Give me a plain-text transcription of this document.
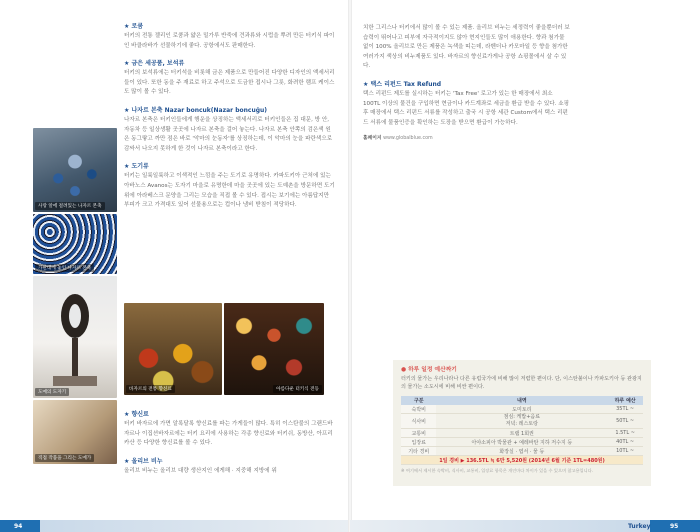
사랑 알에 걸려있는 나자르 본축
가판대에 놓인 나자르 본축
도예의 도자기
직접 작품을 그리는 도예가
바자르의 전통 향신료	아름다운 터키식 전등
★ 로쿰
터키의 전통 젤리인 로쿰과 얇은 밀가루 반죽에 견과류와 시럽을 뿌려 만든 터키식 파이인 바클라바가 선물하기에 좋다. 공항에서도 판매한다.
★ 금은 세공품, 보석류
터키의 보석류에는 터키석을 비롯해 금은 제품으로 만들어진 다양한 디자인의 액세서리들이 있다. 또한 동을 주 재료로 하고 주석으로 도금한 접시나 그릇, 화려한 램프 케이스도 많이 볼 수 있다.
★ 나자르 본축 Nazar boncuk(Nazar boncuğu)
나자르 본축은 터키인들에게 행운을 상징하는 액세서리로 터키인들은 집 대문, 방 안, 자동차 등 일상생활 곳곳에 나자르 본축을 걸어 놓는다. 나자르 본축 안쪽의 검은색 원은 동그랗고 까만 점은 바로 '악마의 눈동자'를 상징하는데, 이 악마의 눈을 파란색으로 감싸서 나오지 못하게 한 것이 나자르 본축이라고 한다.
★ 도기류
터키는 일륙일륙하고 이색적인 느낌을 주는 도기로 유명하다. 카파도키아 근처에 있는 아바노스 Avanos는 도자기 마을로 유명한데 마을 곳곳에 있는 도예촌을 방문하면 도기 위에 아라베스크 문양을 그리는 모습을 직접 볼 수 있다. 접시는 보기에는 아름답지만 부피가 크고 가격대도 있어 선물용으로는 컵이나 냄비 받침이 적당하다.
★ 향신료
터키 바자르에 가면 알록달록 향신료를 파는 가게들이 많다. 특히 이스탄불의 그랜드바자르나 이집션바자르에는 터키 요리에 사용하는 각종 향신료와 터키쉬, 동방산, 아프리카산 등 다양한 향신료를 볼 수 있다.
★ 올리브 비누
올리브 비누는 올리브 대량 생산지인 에게해 · 지중해 지방에 위
94
치한 그리스나 터키에서 많이 볼 수 있는 제품. 올리브 비누는 세정력이 좋을뿐더러 보습력이 뛰어나고 피부에 자극적이지도 않아 현지인들도 많이 애용한다. 향과 첨가물 없이 100% 올리브로 만든 제품은 녹색을 띠는데, 라벤더나 카모마일 등 향을 첨가한 여러가지 색상의 비누제품도 있다. 바자르의 향신료가게나 공항 쇼핑몰에서 살 수 있다.
★ 택스 리펀드 Tax Refund
택스 리펀드 제도를 실시하는 터키는 'Tax Free' 로고가 있는 한 매장에서 최소 100TL 이상의 물건을 구입하면 현금이나 카드계좌로 세금을 환급 받을 수 있다. 쇼핑 후 매장에서 택스 리펀드 서류를 작성하고 출국 시 공항 세관 Custom에서 택스 리펀드 서류에 물품인증을 확인하는 도장을 받으면 환급이 가능하다.
홈페이지 www.globalblue.com
● 하루 일정 예산짜기
터키의 물가는 우리나라나 다른 유럽국가에 비해 많이 저렴한 편이다. 단, 이스탄불이나 카파도키아 등 관광지의 물가는 소도시에 비해 비싼 편이다.
구분	내역	하루 예산
숙박비	도미토리	35TL ~
식사비	점심: 케밥+음료
저녁: 레스토랑	50TL ~
교통비	트램 1회권	1.5TL ~
입장료	아야소피아 박물관 + 예레바탄 지하 저수지 등	40TL ~
기타 경비	화장실 · 엽서 · 물 등	10TL ~
1일 경비 ▶ 136.5TL ≒ 6만 5,520원 (2014년 6월 기준 1TL=480원)		
※ 여기에서 제시한 숙박비, 식사비, 교통비, 입장료 항목은 개인마다 차이가 있을 수 있으며 참고용입니다.
Turkey	95
